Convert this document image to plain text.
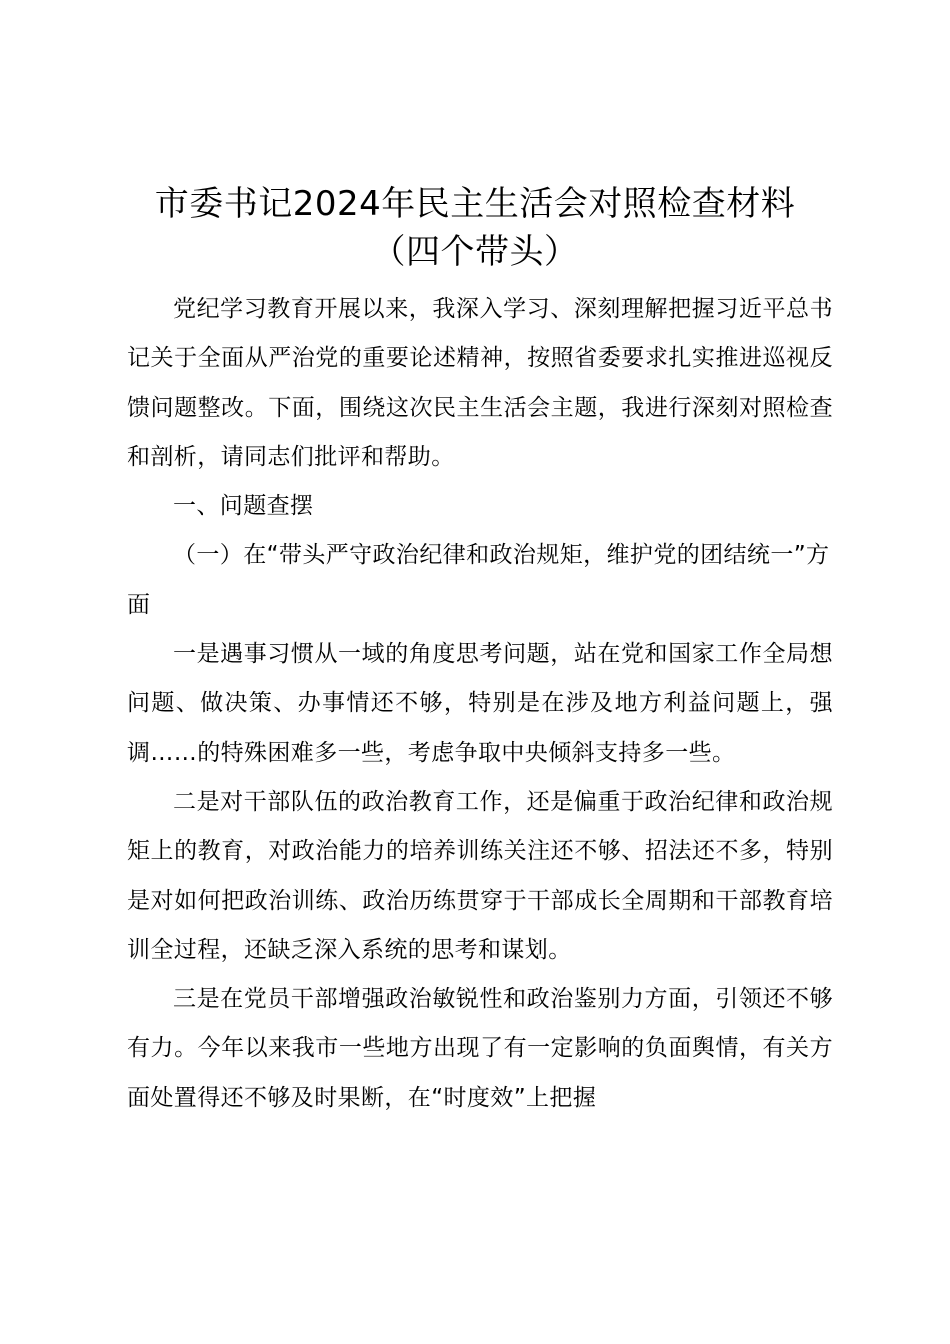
市委书记2024年民主生活会对照检查材料
（四个带头）

党纪学习教育开展以来，我深入学习、深刻理解把握习近平总书记关于全面从严治党的重要论述精神，按照省委要求扎实推进巡视反馈问题整改。下面，围绕这次民主生活会主题，我进行深刻对照检查和剖析，请同志们批评和帮助。

一、问题查摆

（一）在“带头严守政治纪律和政治规矩，维护党的团结统一”方面

一是遇事习惯从一域的角度思考问题，站在党和国家工作全局想问题、做决策、办事情还不够，特别是在涉及地方利益问题上，强调……的特殊困难多一些，考虑争取中央倾斜支持多一些。

二是对干部队伍的政治教育工作，还是偏重于政治纪律和政治规矩上的教育，对政治能力的培养训练关注还不够、招法还不多，特别是对如何把政治训练、政治历练贯穿于干部成长全周期和干部教育培训全过程，还缺乏深入系统的思考和谋划。

三是在党员干部增强政治敏锐性和政治鉴别力方面，引领还不够有力。今年以来我市一些地方出现了有一定影响的负面舆情，有关方面处置得还不够及时果断，在“时度效”上把握
